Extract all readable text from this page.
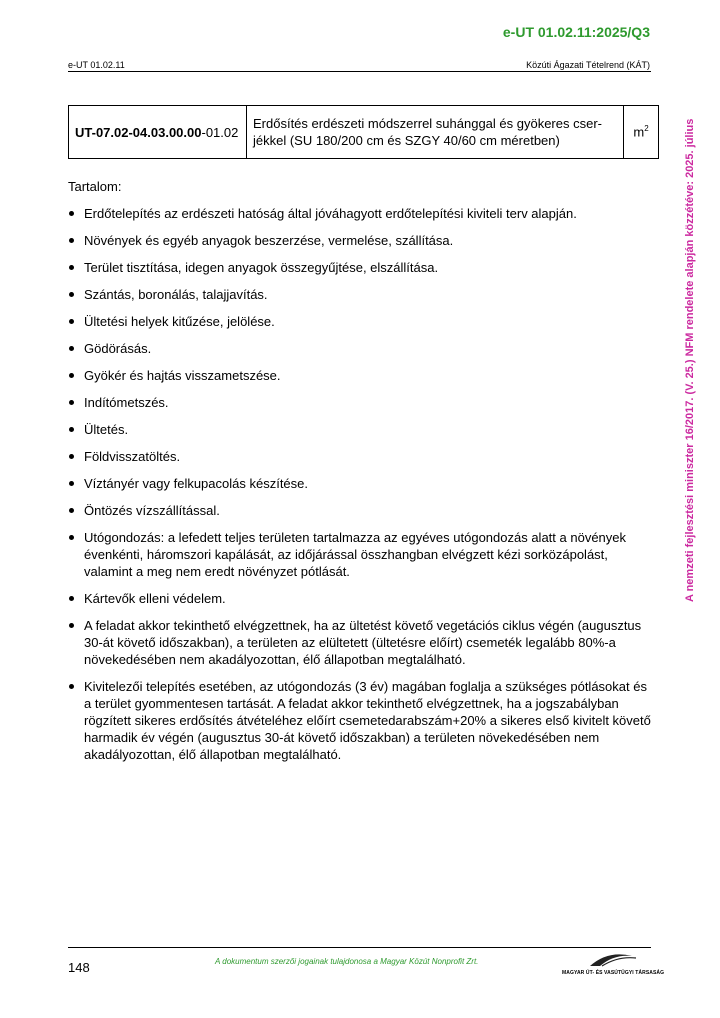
e-UT 01.02.11:2025/Q3
e-UT 01.02.11	Közúti Ágazati Tételrend (KÁT)
UT-07.02-04.03.00.00-01.02	Erdősítés erdészeti módszerrel suhánggal és gyökeres cser-jékkel (SU 180/200 cm és SZGY 40/60 cm méretben)	$m^2$

Tartalom:

Erdőtelepítés az erdészeti hatóság által jóváhagyott erdőtelepítési kiviteli terv alapján.
Növények és egyéb anyagok beszerzése, vermelése, szállítása.
Terület tisztítása, idegen anyagok összegyűjtése, elszállítása.
Szántás, boronálás, talajjavítás.
Ültetési helyek kitűzése, jelölése.
Gödörásás.
Gyökér és hajtás visszametszése.
Indítómetszés.
Ültetés.
Földvisszatöltés.
Víztányér vagy felkupacolás készítése.
Öntözés vízszállítással.
Utógondozás: a lefedett teljes területen tartalmazza az egyéves utógondozás alatt a növények évenkénti, háromszori kapálását, az időjárással összhangban elvégzett kézi sorközápolást, valamint a meg nem eredt növényzet pótlását.
Kártevők elleni védelem.
A feladat akkor tekinthető elvégzettnek, ha az ültetést követő vegetációs ciklus végén (augusztus 30-át követő időszakban), a területen az elültetett (ültetésre előírt) csemeték legalább 80%-a növekedésében nem akadályozottan, élő állapotban megtalálható.
Kivitelezői telepítés esetében, az utógondozás (3 év) magában foglalja a szükséges pótlásokat és a terület gyommentesen tartását. A feladat akkor tekinthető elvégzettnek, ha a jogszabályban rögzített sikeres erdősítés átvételéhez előírt csemetedarabszám+20% a sikeres első kivitelt követő harmadik év végén (augusztus 30-át követő időszakban) a területen növekedésében nem akadályozottan, élő állapotban megtalálható.
A nemzeti fejlesztési miniszter 16/2017. (V. 25.) NFM rendelete alapján közzétéve: 2025. július
148	A dokumentum szerzői jogainak tulajdonosa a Magyar Közút Nonprofit Zrt.
MAGYAR ÚT- ÉS VASÚTÜGYI TÁRSASÁG
